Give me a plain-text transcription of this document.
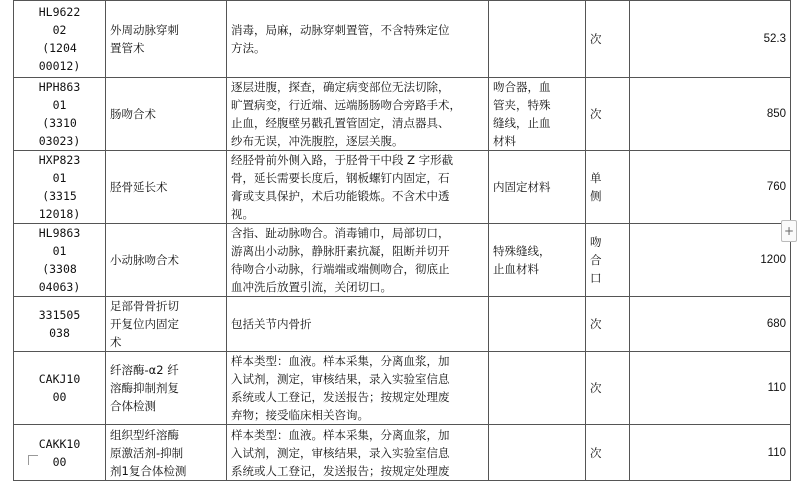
HL9622
02
(1204
00012)	外周动脉穿刺
置管术	消毒，局麻，动脉穿刺置管，不含特殊定位
方法。		次	52.3
HPH863
01
(3310
03023)	肠吻合术	逐层进腹，探查，确定病变部位无法切除，
旷置病变，行近端、远端肠肠吻合旁路手术，
止血，经腹壁另戳孔置管固定，清点器具、
纱布无误，冲洗腹腔，逐层关腹。	吻合器，血
管夹，特殊
缝线，止血
材料	次	850
HXP823
01
(3315
12018)	胫骨延长术	经胫骨前外侧入路，于胫骨干中段 Z 字形截
骨，延长需要长度后，钢板螺钉内固定，石
膏或支具保护，术后功能锻炼。不含术中透
视。	内固定材料	单
侧	760
HL9863
01
(3308
04063)	小动脉吻合术	含指、趾动脉吻合。消毒铺巾，局部切口，
游离出小动脉，静脉肝素抗凝，阻断并切开
待吻合小动脉，行端端或端侧吻合，彻底止
血冲洗后放置引流，关闭切口。	特殊缝线，
止血材料	吻
合
口	1200
331505
038	足部骨骨折切
开复位内固定
术	包括关节内骨折		次	680
CAKJ10
00	纤溶酶-α2 纤
溶酶抑制剂复
合体检测	样本类型：血液。样本采集，分离血浆，加
入试剂，测定，审核结果，录入实验室信息
系统或人工登记，发送报告；按规定处理废
弃物；接受临床相关咨询。		次	110
CAKK10
00	组织型纤溶酶
原激活剂-抑制
剂1复合体检测	样本类型：血液。样本采集，分离血浆，加
入试剂，测定，审核结果，录入实验室信息
系统或人工登记，发送报告；按规定处理废		次	110
+
